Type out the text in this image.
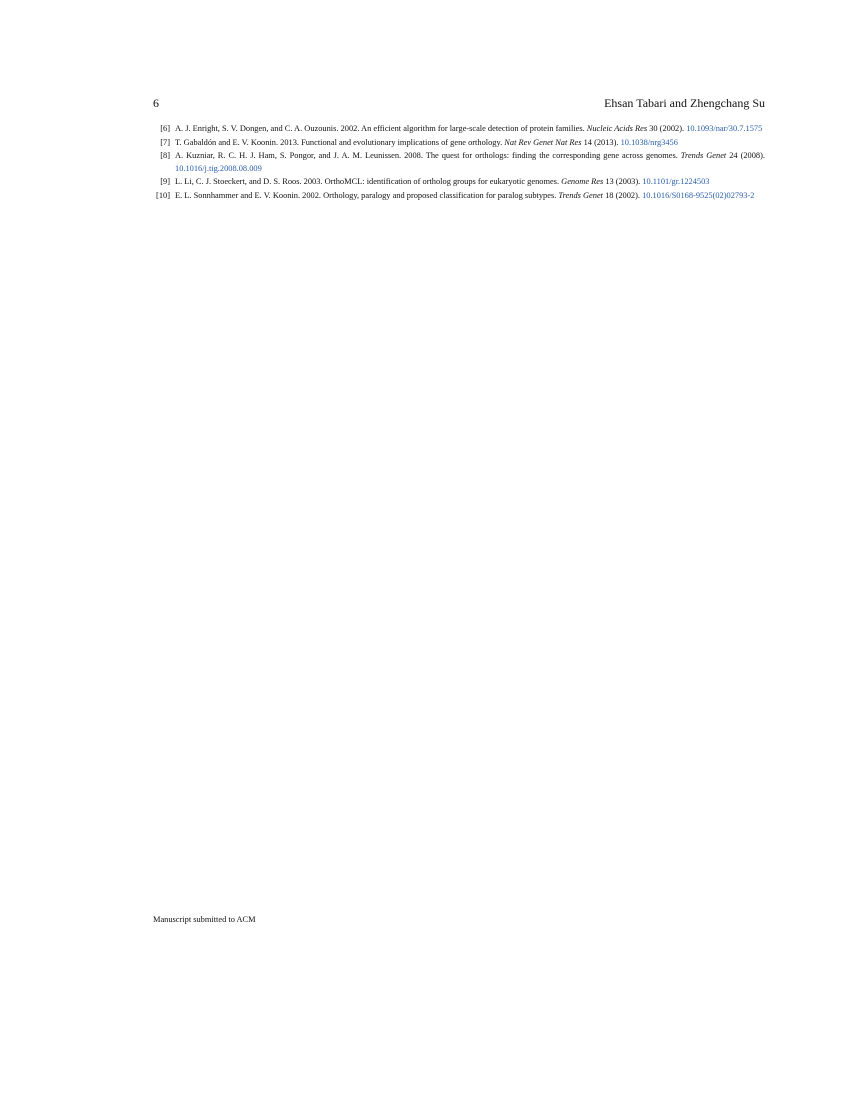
6	Ehsan Tabari and Zhengchang Su
[6] A. J. Enright, S. V. Dongen, and C. A. Ouzounis. 2002. An efficient algorithm for large-scale detection of protein families. Nucleic Acids Res 30 (2002). 10.1093/nar/30.7.1575
[7] T. Gabaldón and E. V. Koonin. 2013. Functional and evolutionary implications of gene orthology. Nat Rev Genet Nat Res 14 (2013). 10.1038/nrg3456
[8] A. Kuzniar, R. C. H. J. Ham, S. Pongor, and J. A. M. Leunissen. 2008. The quest for orthologs: finding the corresponding gene across genomes. Trends Genet 24 (2008). 10.1016/j.tig.2008.08.009
[9] L. Li, C. J. Stoeckert, and D. S. Roos. 2003. OrthoMCL: identification of ortholog groups for eukaryotic genomes. Genome Res 13 (2003). 10.1101/gr.1224503
[10] E. L. Sonnhammer and E. V. Koonin. 2002. Orthology, paralogy and proposed classification for paralog subtypes. Trends Genet 18 (2002). 10.1016/S0168-9525(02)02793-2
Manuscript submitted to ACM
